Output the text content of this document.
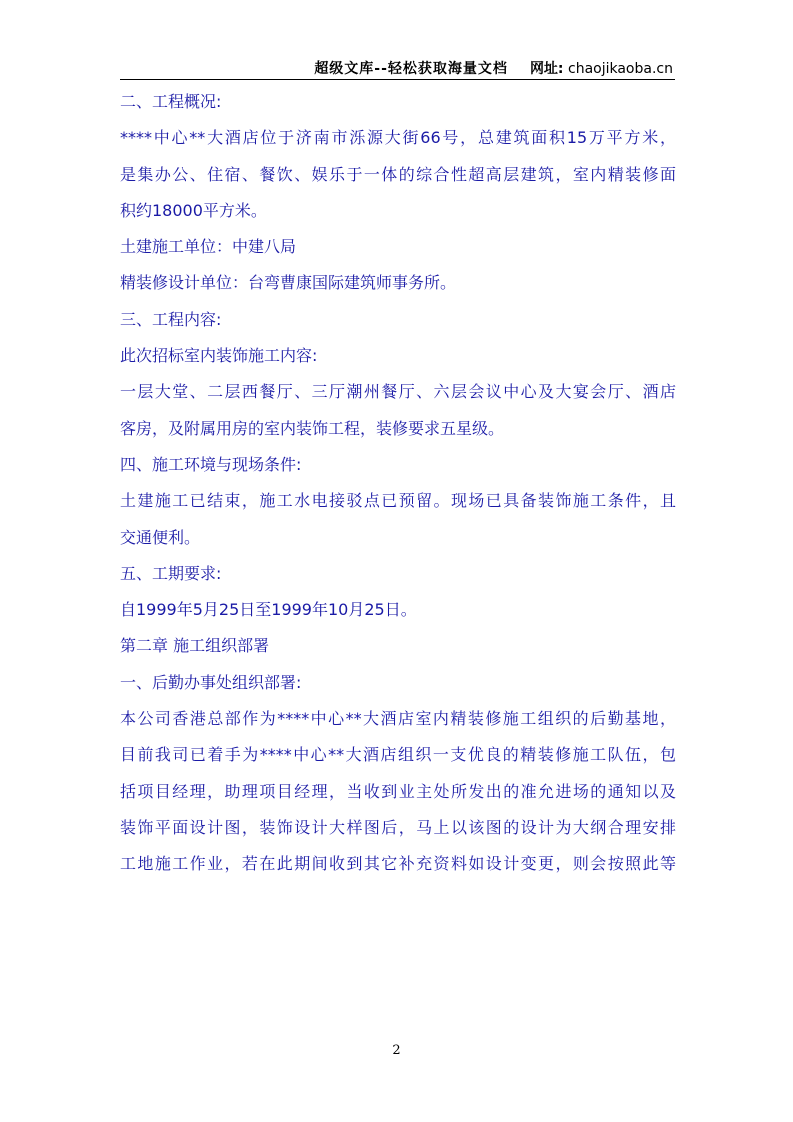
超级文库--轻松获取海量文档 网址: chaojikaoba.cn
二、工程概况:
****中心**大酒店位于济南市泺源大街66号，总建筑面积15万平方米，
是集办公、住宿、餐饮、娱乐于一体的综合性超高层建筑，室内精装修面
积约18000平方米。
土建施工单位：中建八局
精装修设计单位：台弯曹康国际建筑师事务所。
三、工程内容:
此次招标室内装饰施工内容:
一层大堂、二层西餐厅、三厅潮州餐厅、六层会议中心及大宴会厅、酒店
客房，及附属用房的室内装饰工程，装修要求五星级。
四、施工环境与现场条件:
土建施工已结束，施工水电接驳点已预留。现场已具备装饰施工条件，且
交通便利。
五、工期要求:
自1999年5月25日至1999年10月25日。
第二章 施工组织部署
一、后勤办事处组织部署:
本公司香港总部作为****中心**大酒店室内精装修施工组织的后勤基地，
目前我司已着手为****中心**大酒店组织一支优良的精装修施工队伍，包
括项目经理，助理项目经理，当收到业主处所发出的准允进场的通知以及
装饰平面设计图，装饰设计大样图后，马上以该图的设计为大纲合理安排
工地施工作业，若在此期间收到其它补充资料如设计变更，则会按照此等
2
